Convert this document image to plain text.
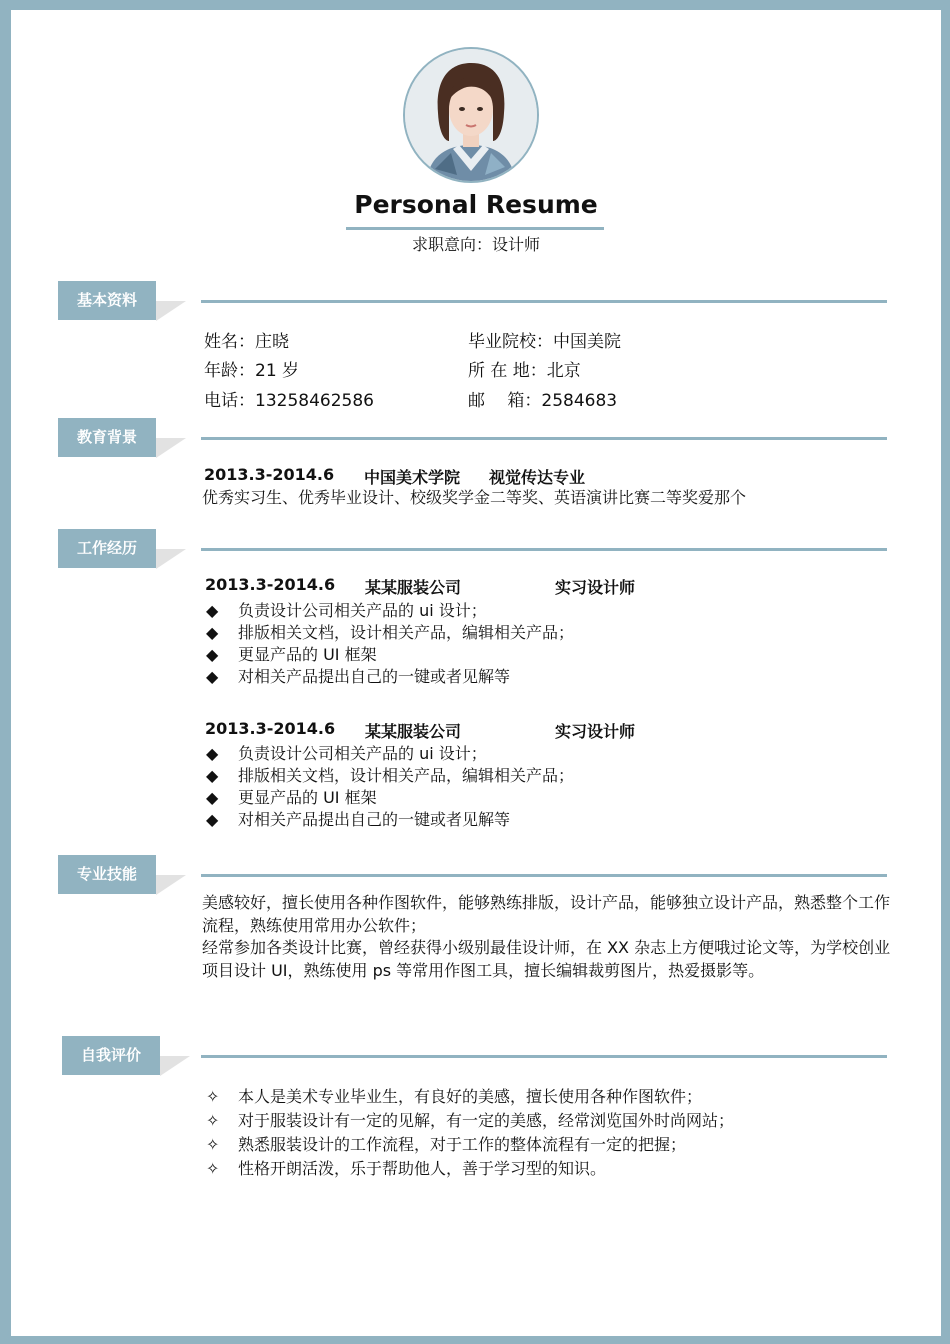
Personal Resume
求职意向：设计师
基本资料
姓名：庄晓
年龄：21 岁
电话：13258462586
毕业院校：中国美院
所 在 地：北京
邮　 箱：2584683
教育背景
2013.3-2014.6 中国美术学院 视觉传达专业
优秀实习生、优秀毕业设计、校级奖学金二等奖、英语演讲比赛二等奖爱那个
工作经历
2013.3-2014.6 某某服装公司	实习设计师
◆ 负责设计公司相关产品的 ui 设计；
◆ 排版相关文档，设计相关产品，编辑相关产品；
◆ 更显产品的 UI 框架
◆ 对相关产品提出自己的一键或者见解等
2013.3-2014.6 某某服装公司	实习设计师
◆ 负责设计公司相关产品的 ui 设计；
◆ 排版相关文档，设计相关产品，编辑相关产品；
◆ 更显产品的 UI 框架
◆ 对相关产品提出自己的一键或者见解等
专业技能
美感较好，擅长使用各种作图软件，能够熟练排版，设计产品，能够独立设计产品，熟悉整个工作流程，熟练使用常用办公软件；
经常参加各类设计比赛，曾经获得小级别最佳设计师，在 XX 杂志上方便哦过论文等，为学校创业项目设计 UI，熟练使用 ps 等常用作图工具，擅长编辑裁剪图片，热爱摄影等。
自我评价
✧ 本人是美术专业毕业生，有良好的美感，擅长使用各种作图软件；
✧ 对于服装设计有一定的见解，有一定的美感，经常浏览国外时尚网站；
✧ 熟悉服装设计的工作流程，对于工作的整体流程有一定的把握；
✧ 性格开朗活泼，乐于帮助他人，善于学习型的知识。
